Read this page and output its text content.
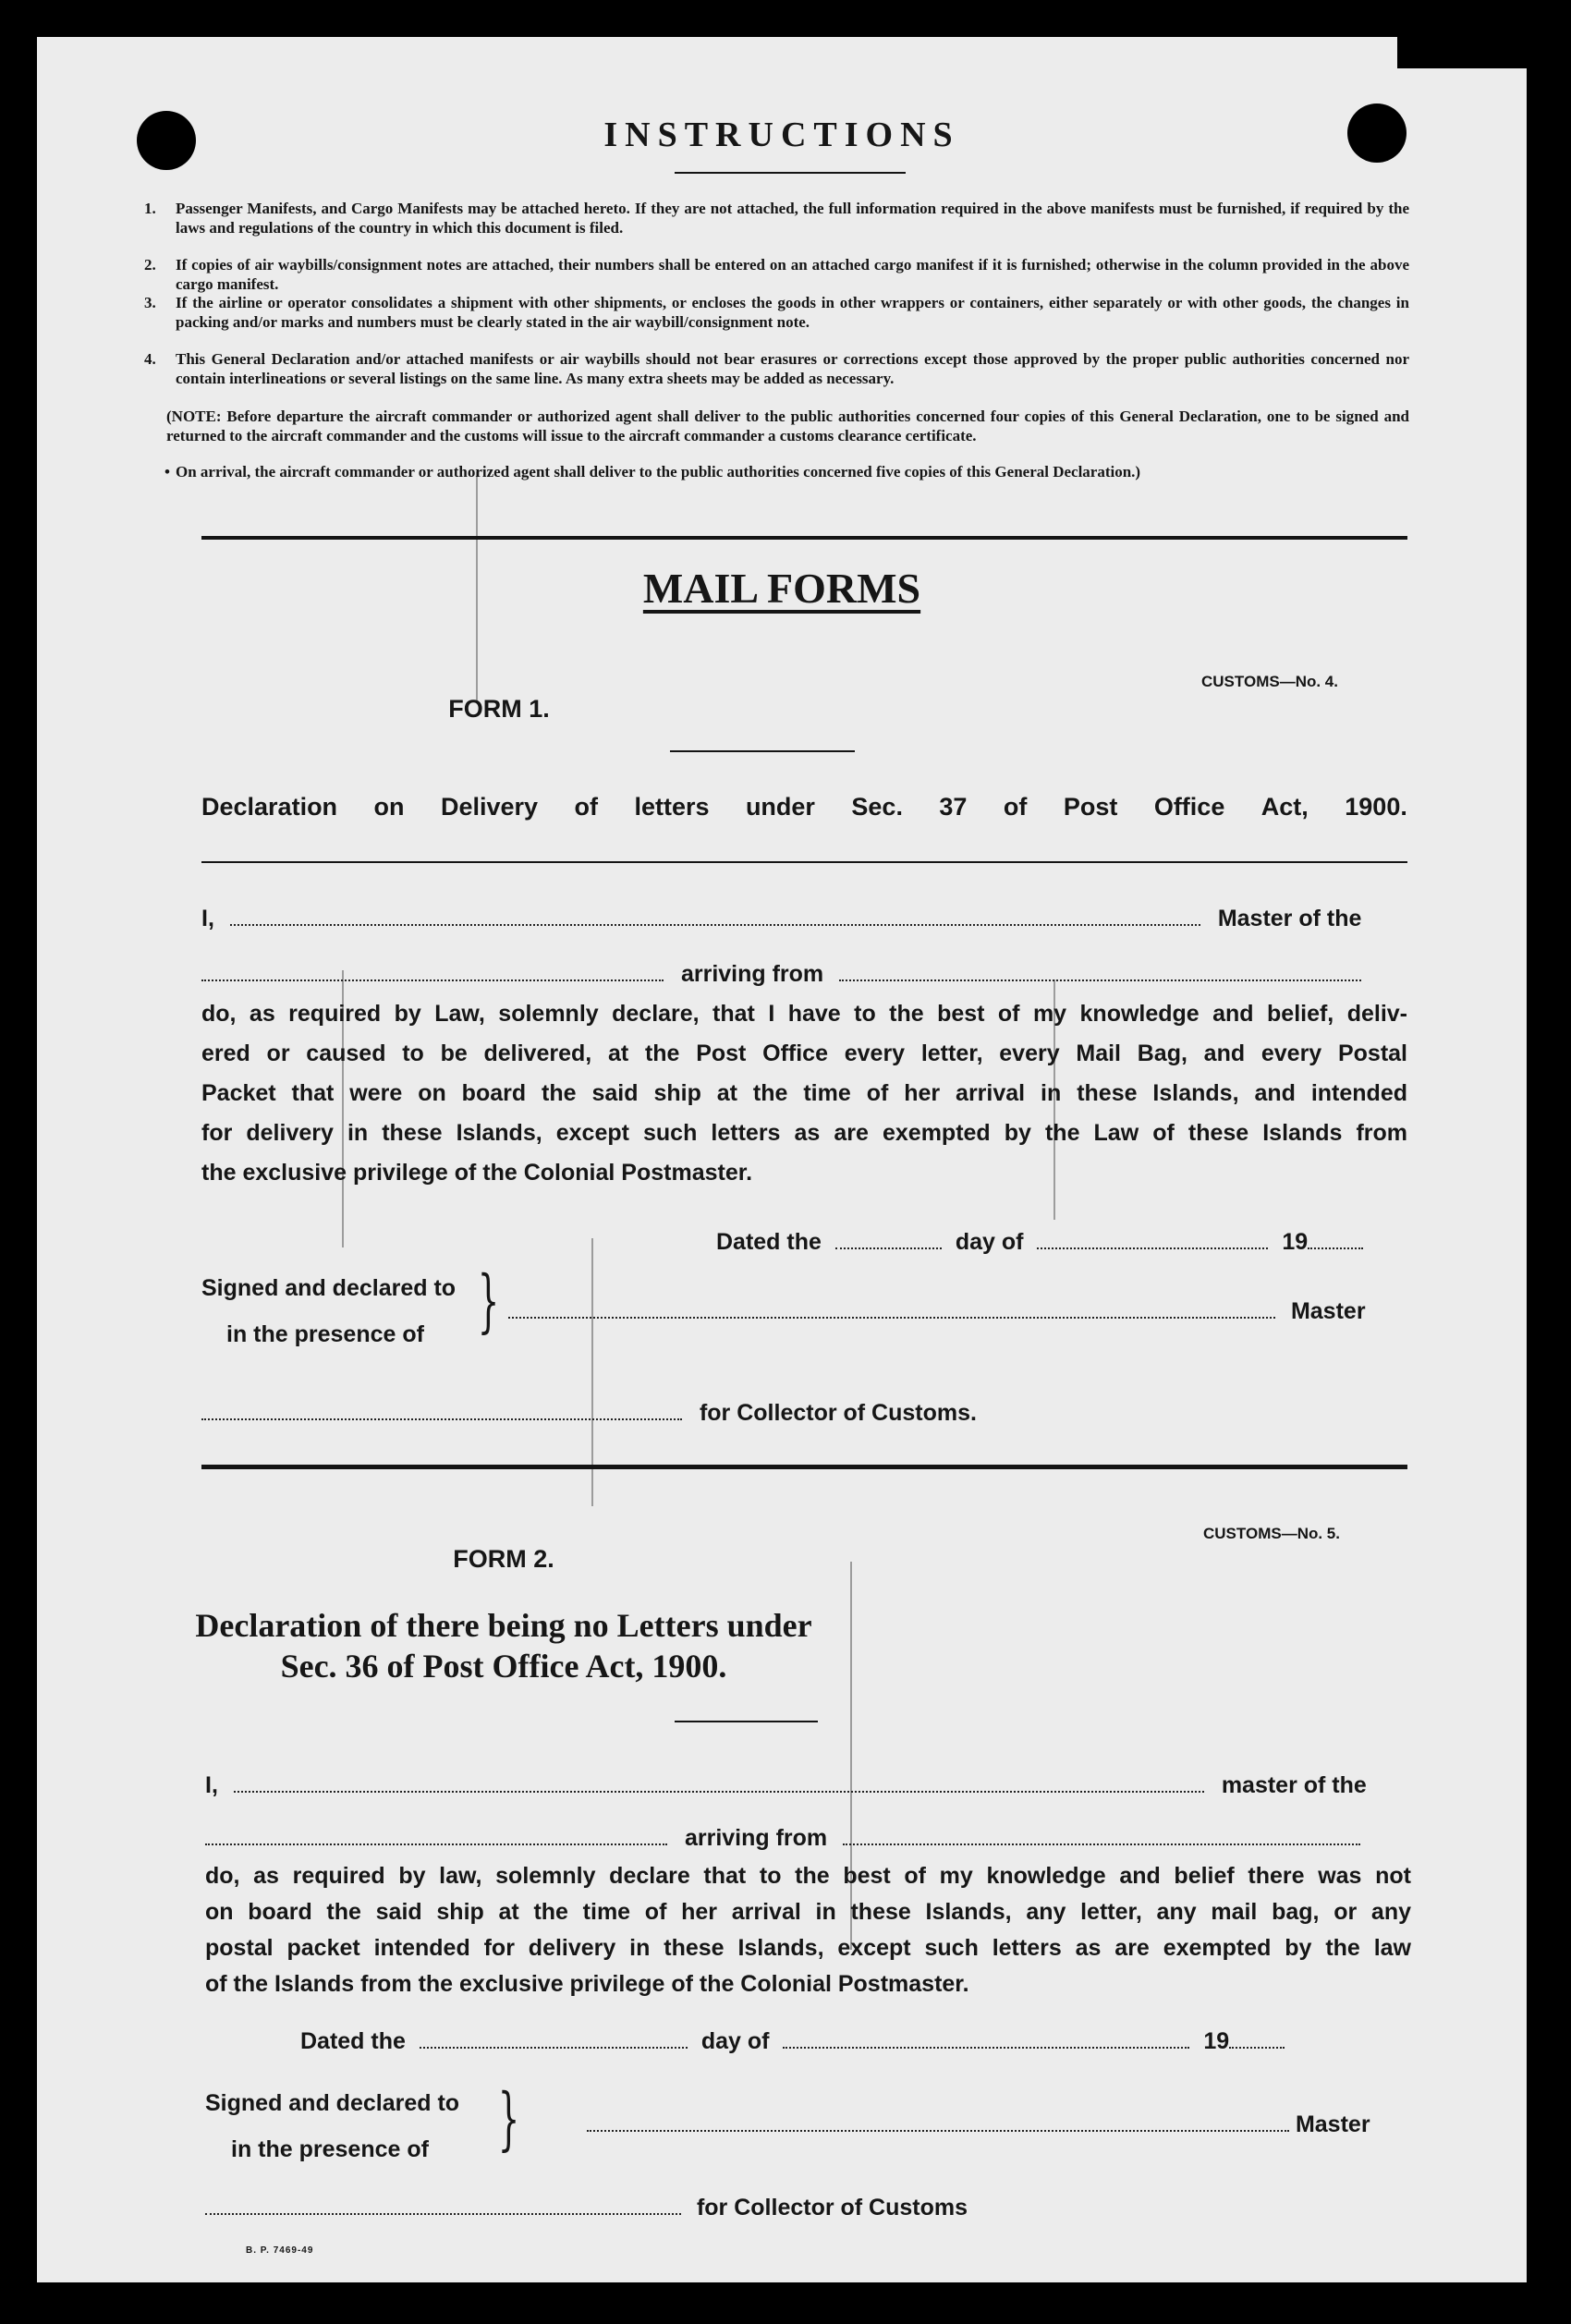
INSTRUCTIONS
1. Passenger Manifests, and Cargo Manifests may be attached hereto. If they are not attached, the full information required in the above manifests must be furnished, if required by the laws and regulations of the country in which this document is filed.

2. If copies of air waybills/consignment notes are attached, their numbers shall be entered on an attached cargo manifest if it is furnished; otherwise in the column provided in the above cargo manifest.

3. If the airline or operator consolidates a shipment with other shipments, or encloses the goods in other wrappers or containers, either separately or with other goods, the changes in packing and/or marks and numbers must be clearly stated in the air waybill/consignment note.

4. This General Declaration and/or attached manifests or air waybills should not bear erasures or corrections except those approved by the proper public authorities concerned nor contain interlineations or several listings on the same line. As many extra sheets may be added as necessary.

(NOTE: Before departure the aircraft commander or authorized agent shall deliver to the public authorities concerned four copies of this General Declaration, one to be signed and returned to the aircraft commander and the customs will issue to the aircraft commander a customs clearance certificate.

• On arrival, the aircraft commander or authorized agent shall deliver to the public authorities concerned five copies of this General Declaration.)

MAIL FORMS
CUSTOMS—No. 4.
FORM 1.
Declaration on Delivery of letters under Sec. 37 of Post Office Act, 1900.
I,	Master of the
arriving from
do, as required by Law, solemnly declare, that I have to the best of my knowledge and belief, deliv-
ered or caused to be delivered, at the Post Office every letter, every Mail Bag, and every Postal
Packet that were on board the said ship at the time of her arrival in these Islands, and intended
for delivery in these Islands, except such letters as are exempted by the Law of these Islands from
the exclusive privilege of the Colonial Postmaster.
Dated the	day of	19
Signed and declared to
in the presence of }	Master
for Collector of Customs.
CUSTOMS—No. 5.
FORM 2.
Declaration of there being no Letters under
Sec. 36 of Post Office Act, 1900.
I,	master of the
arriving from
do, as required by law, solemnly declare that to the best of my knowledge and belief there was not
on board the said ship at the time of her arrival in these Islands, any letter, any mail bag, or any
postal packet intended for delivery in these Islands, except such letters as are exempted by the law
of the Islands from the exclusive privilege of the Colonial Postmaster.
Dated the	day of	19
Signed and declared to
in the presence of }	Master
for Collector of Customs
B. P. 7469-49
